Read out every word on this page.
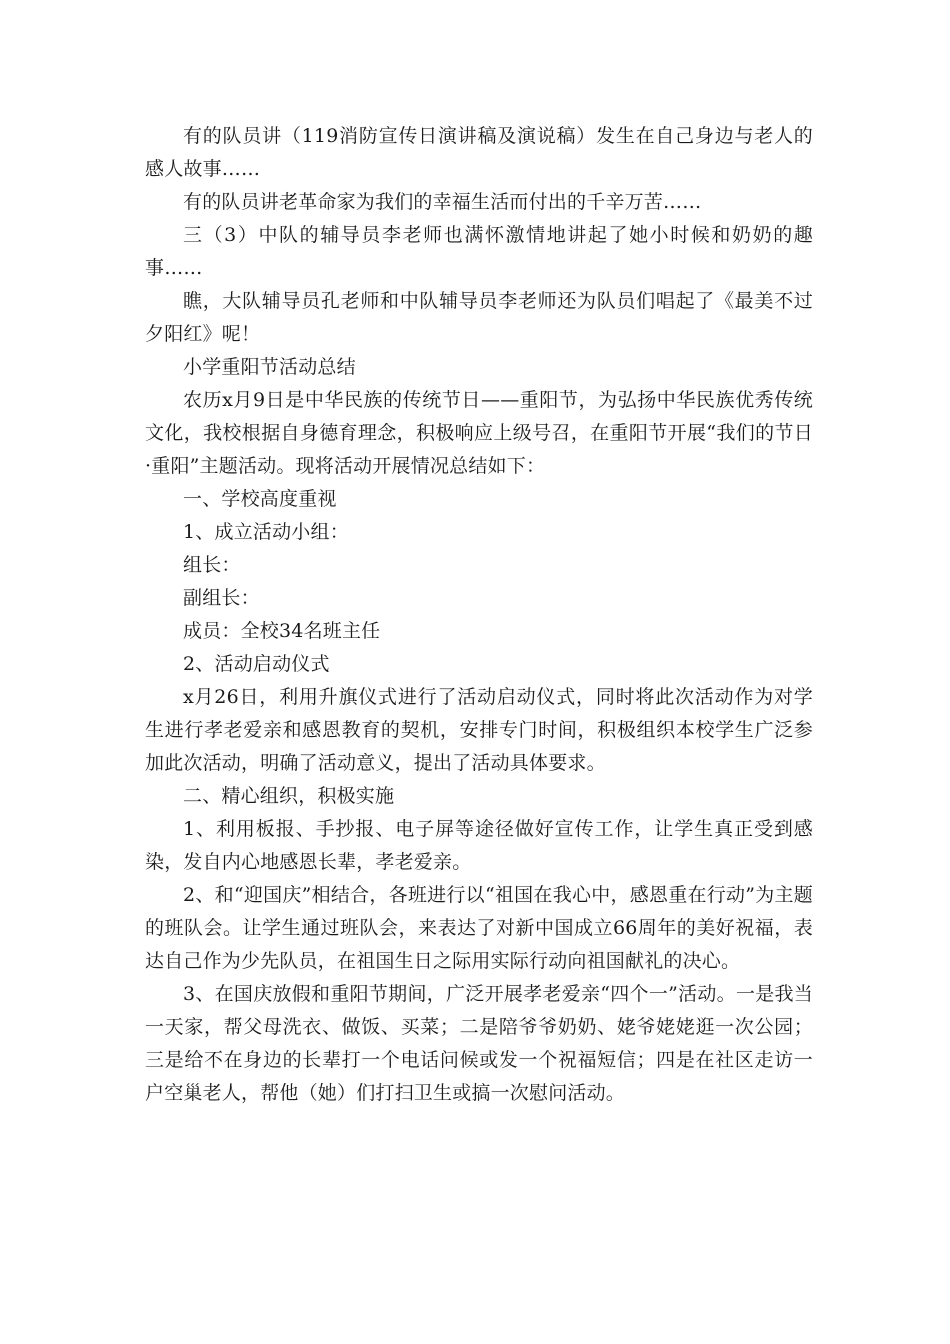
有的队员讲（119消防宣传日演讲稿及演说稿）发生在自己身边与老人的感人故事……

有的队员讲老革命家为我们的幸福生活而付出的千辛万苦……

三（3）中队的辅导员李老师也满怀激情地讲起了她小时候和奶奶的趣事……

瞧，大队辅导员孔老师和中队辅导员李老师还为队员们唱起了《最美不过夕阳红》呢！

小学重阳节活动总结

农历x月9日是中华民族的传统节日——重阳节，为弘扬中华民族优秀传统文化，我校根据自身德育理念，积极响应上级号召，在重阳节开展“我们的节日·重阳”主题活动。现将活动开展情况总结如下：

一、学校高度重视

1、成立活动小组：

组长：

副组长：

成员：全校34名班主任

2、活动启动仪式

x月26日，利用升旗仪式进行了活动启动仪式，同时将此次活动作为对学生进行孝老爱亲和感恩教育的契机，安排专门时间，积极组织本校学生广泛参加此次活动，明确了活动意义，提出了活动具体要求。

二、精心组织，积极实施

1、利用板报、手抄报、电子屏等途径做好宣传工作，让学生真正受到感染，发自内心地感恩长辈，孝老爱亲。

2、和“迎国庆”相结合，各班进行以“祖国在我心中，感恩重在行动”为主题的班队会。让学生通过班队会，来表达了对新中国成立66周年的美好祝福，表达自己作为少先队员，在祖国生日之际用实际行动向祖国献礼的决心。

3、在国庆放假和重阳节期间，广泛开展孝老爱亲“四个一”活动。一是我当一天家，帮父母洗衣、做饭、买菜；二是陪爷爷奶奶、姥爷姥姥逛一次公园；三是给不在身边的长辈打一个电话问候或发一个祝福短信；四是在社区走访一户空巢老人，帮他（她）们打扫卫生或搞一次慰问活动。
